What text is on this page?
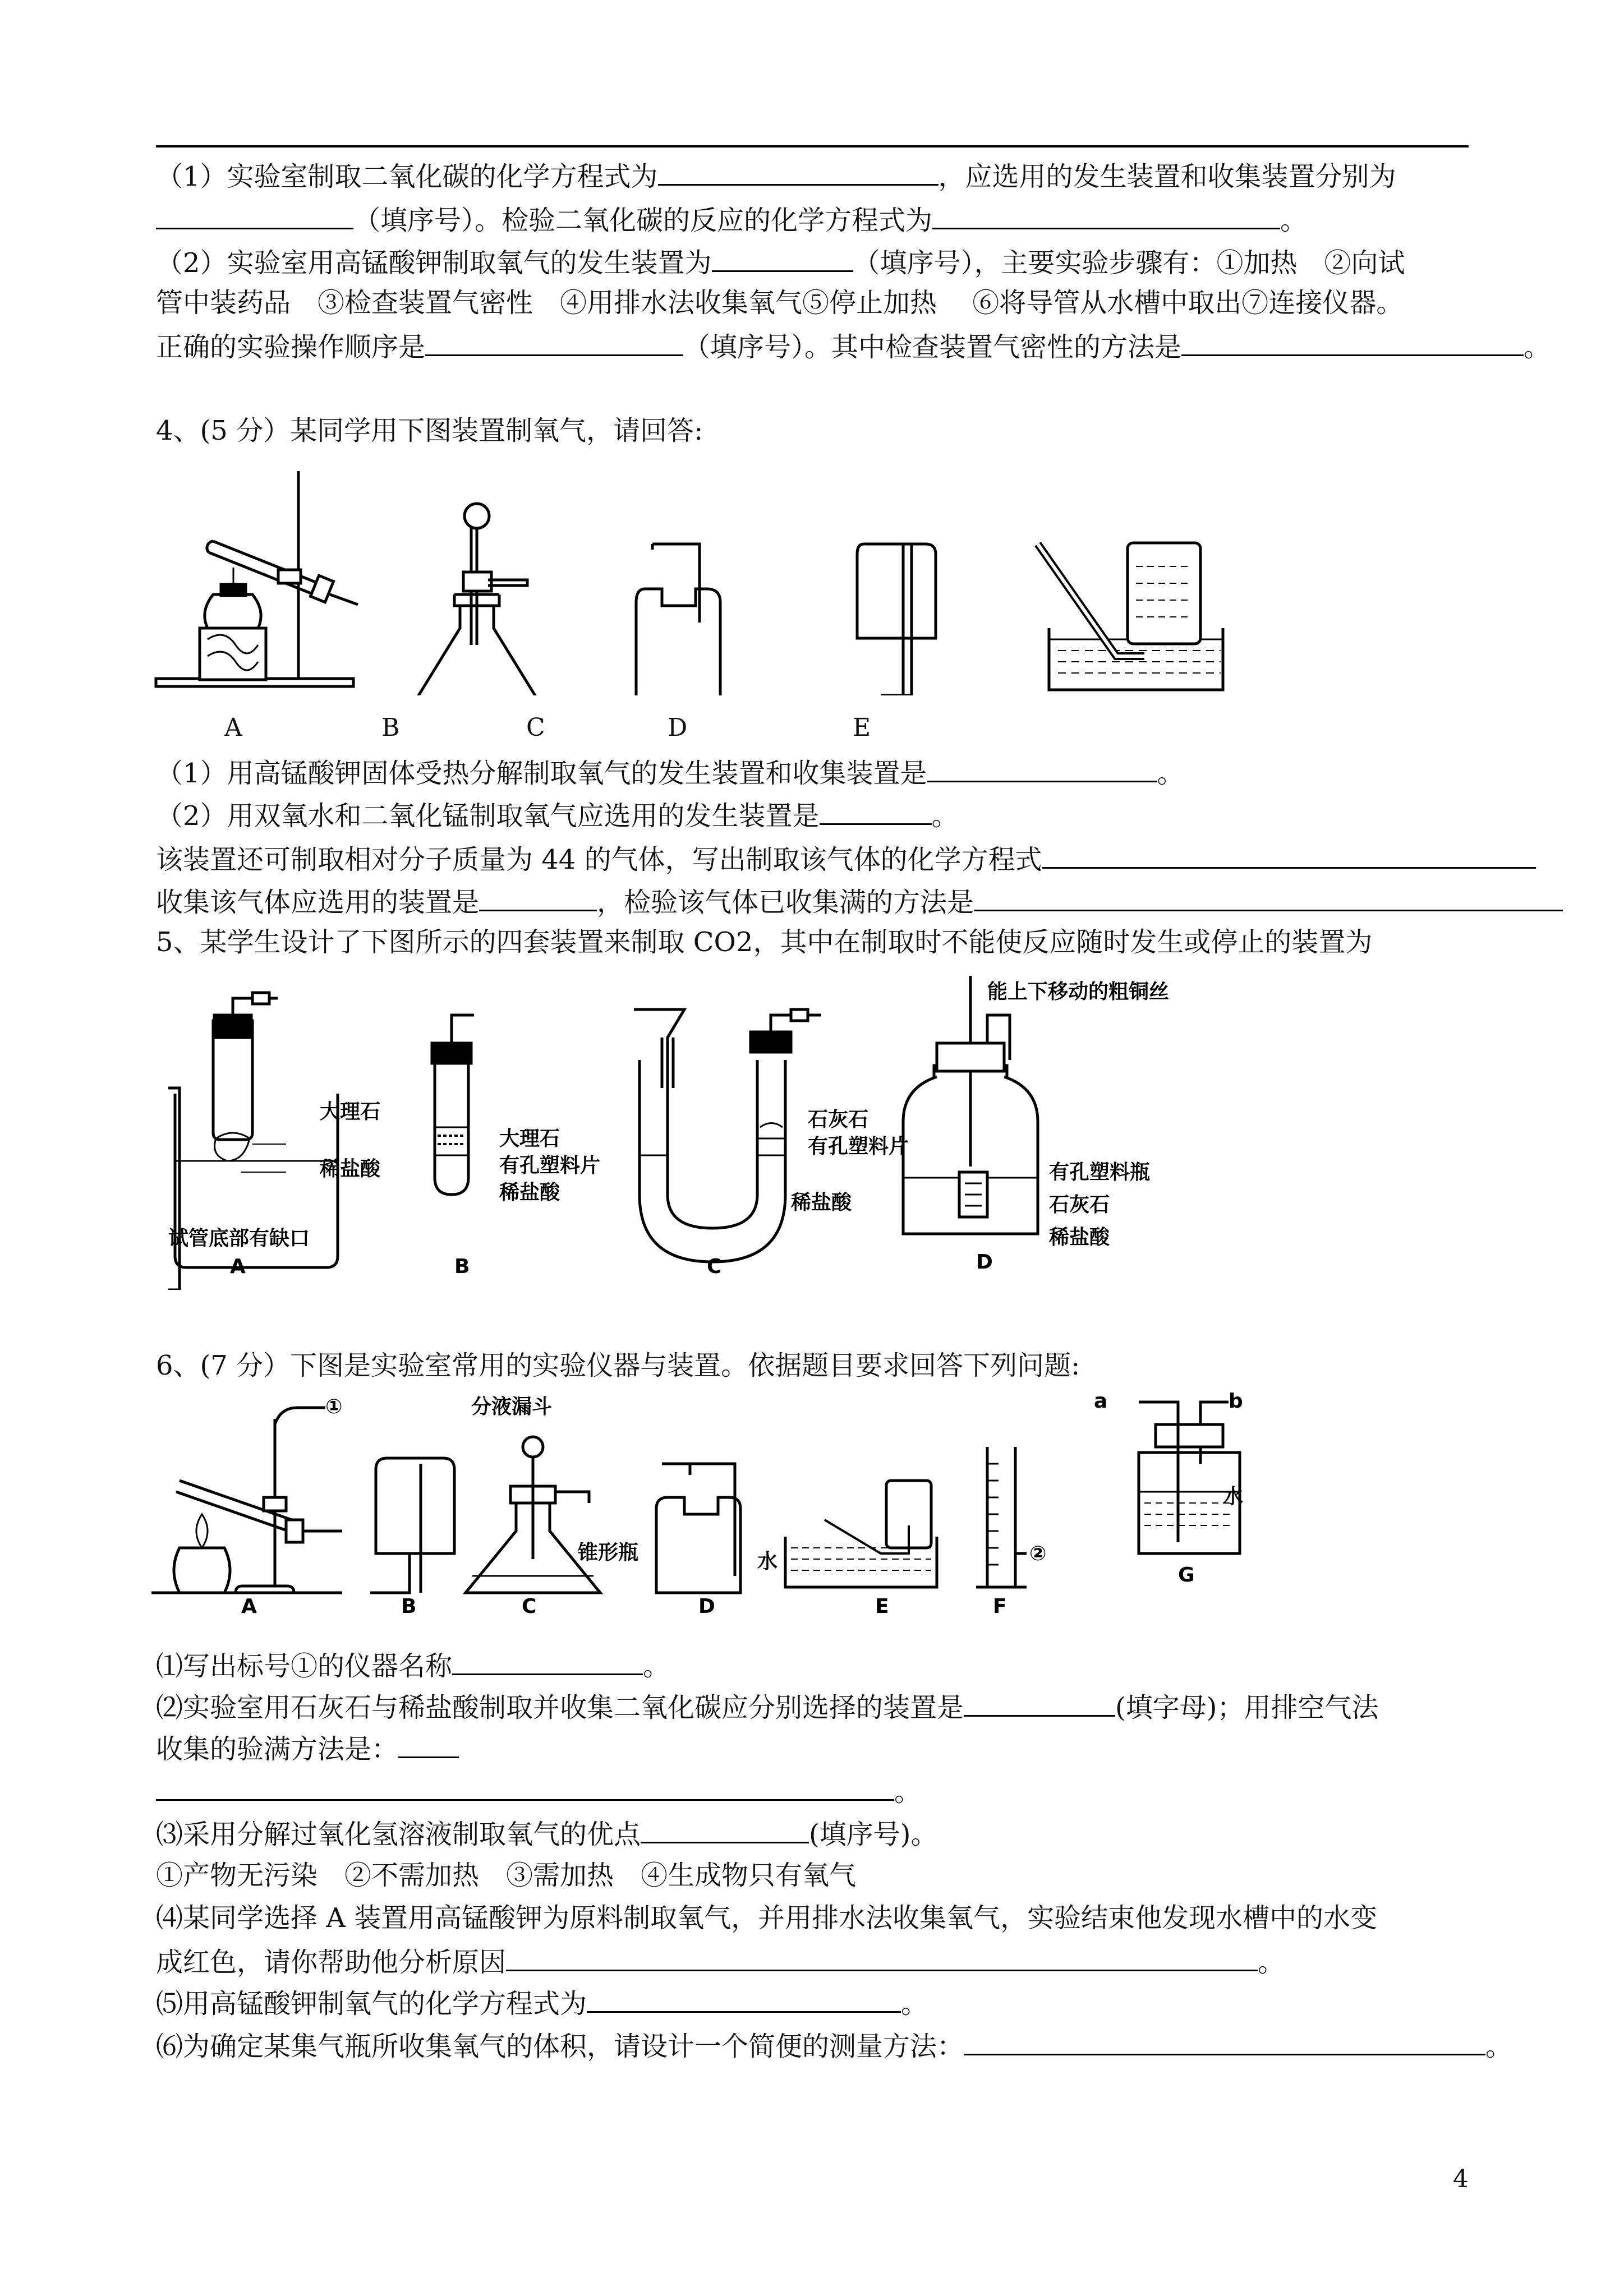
（1）实验室制取二氧化碳的化学方程式为	，应选用的发生装置和收集装置分别为
（填序号）。检验二氧化碳的反应的化学方程式为	。
（2）实验室用高锰酸钾制取氧气的发生装置为	（填序号），主要实验步骤有：①加热　②向试
管中装药品　③检查装置气密性　④用排水法收集氧气⑤停止加热　 ⑥将导管从水槽中取出⑦连接仪器。
正确的实验操作顺序是	（填序号）。其中检查装置气密性的方法是	。
4、(5 分）某同学用下图装置制氧气，请回答:
A	B	C	D	E
（1）用高锰酸钾固体受热分解制取氧气的发生装置和收集装置是	。
（2）用双氧水和二氧化锰制取氧气应选用的发生装置是	。
该装置还可制取相对分子质量为 44 的气体，写出制取该气体的化学方程式
收集该气体应选用的装置是	，检验该气体已收集满的方法是
5、某学生设计了下图所示的四套装置来制取 CO2，其中在制取时不能使反应随时发生或停止的装置为
大理石
稀盐酸
试管底部有缺口
A
大理石
有孔塑料片
稀盐酸
B
石灰石
有孔塑料片
稀盐酸
C
能上下移动的粗铜丝
有孔塑料瓶
石灰石
稀盐酸
D
6、(7 分）下图是实验室常用的实验仪器与装置。依据题目要求回答下列问题:
①
A	B
分液漏斗
锥形瓶
C	D
水
E
②
F
a	b
水
G
⑴写出标号①的仪器名称	。
⑵实验室用石灰石与稀盐酸制取并收集二氧化碳应分别选择的装置是	(填字母)；用排空气法
收集的验满方法是：
。
⑶采用分解过氧化氢溶液制取氧气的优点	(填序号)。
①产物无污染　②不需加热　③需加热　④生成物只有氧气
⑷某同学选择 A 装置用高锰酸钾为原料制取氧气，并用排水法收集氧气，实验结束他发现水槽中的水变
成红色，请你帮助他分析原因	。
⑸用高锰酸钾制氧气的化学方程式为	。
⑹为确定某集气瓶所收集氧气的体积，请设计一个简便的测量方法：	。
4
